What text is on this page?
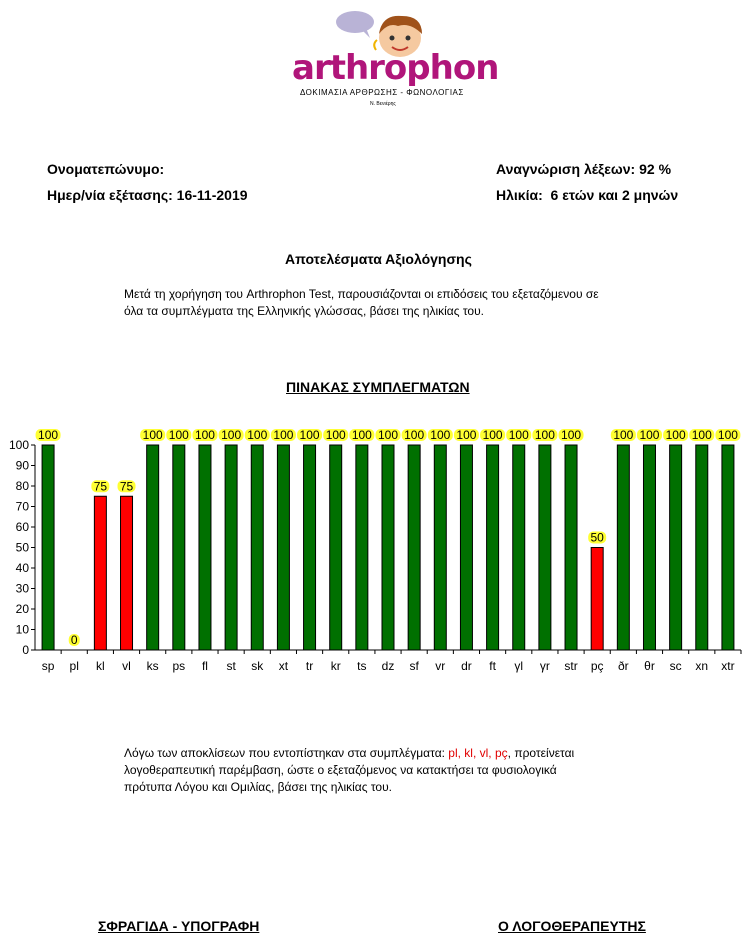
arthrophon
ΔΟΚΙΜΑΣΙΑ ΑΡΘΡΩΣΗΣ - ΦΩΝΟΛΟΓΙΑΣ
Ν. Βενιέρης
Ονοματεπώνυμο:
Ημερ/νία εξέτασης: 16-11-2019
Αναγνώριση λέξεων: 92 %
Ηλικία: 6 ετών και 2 μηνών
Αποτελέσματα Αξιολόγησης
Μετά τη χορήγηση του Arthrophon Test, παρουσιάζονται οι επιδόσεις του εξεταζόμενου σε
όλα τα συμπλέγματα της Ελληνικής γλώσσας, βάσει της ηλικίας του.
ΠΙΝΑΚΑΣ ΣΥΜΠΛΕΓΜΑΤΩΝ
0
10
20
30
40
50
60
70
80
90
100
100
sp
0
pl
75
kl
75
vl
100
ks
100
ps
100
fl
100
st
100
sk
100
xt
100
tr
100
kr
100
ts
100
dz
100
sf
100
vr
100
dr
100
ft
100
γl
100
γr
100
str
50
pç
100
ðr
100
θr
100
sc
100
xn
100
xtr
Λόγω των αποκλίσεων που εντοπίστηκαν στα συμπλέγματα: pl, kl, vl, pç, προτείνεται
λογοθεραπευτική παρέμβαση, ώστε ο εξεταζόμενος να κατακτήσει τα φυσιολογικά
πρότυπα Λόγου και Ομιλίας, βάσει της ηλικίας του.
ΣΦΡΑΓΙΔΑ - ΥΠΟΓΡΑΦΗ	Ο ΛΟΓΟΘΕΡΑΠΕΥΤΗΣ
